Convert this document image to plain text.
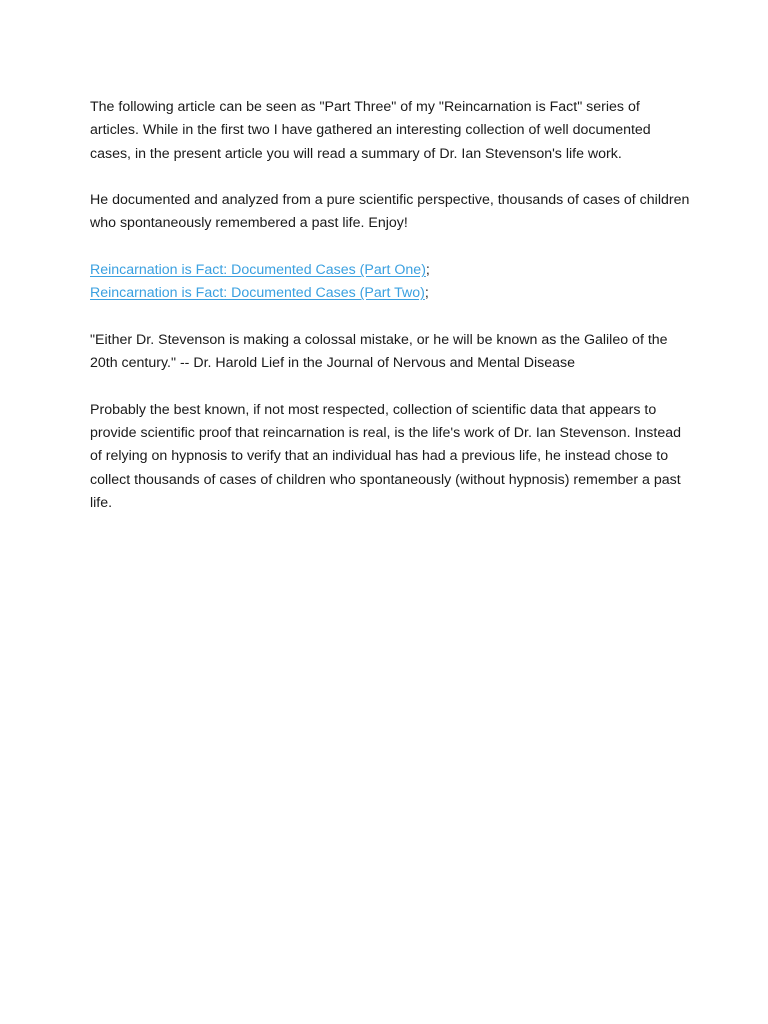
The following article can be seen as "Part Three" of my "Reincarnation is Fact" series of articles. While in the first two I have gathered an interesting collection of well documented cases, in the present article you will read a summary of Dr. Ian Stevenson's life work.

He documented and analyzed from a pure scientific perspective, thousands of cases of children who spontaneously remembered a past life. Enjoy!

Reincarnation is Fact: Documented Cases (Part One);
Reincarnation is Fact: Documented Cases (Part Two);

"Either Dr. Stevenson is making a colossal mistake, or he will be known as the Galileo of the 20th century." -- Dr. Harold Lief in the Journal of Nervous and Mental Disease

Probably the best known, if not most respected, collection of scientific data that appears to provide scientific proof that reincarnation is real, is the life's work of Dr. Ian Stevenson. Instead of relying on hypnosis to verify that an individual has had a previous life, he instead chose to collect thousands of cases of children who spontaneously (without hypnosis) remember a past life.
